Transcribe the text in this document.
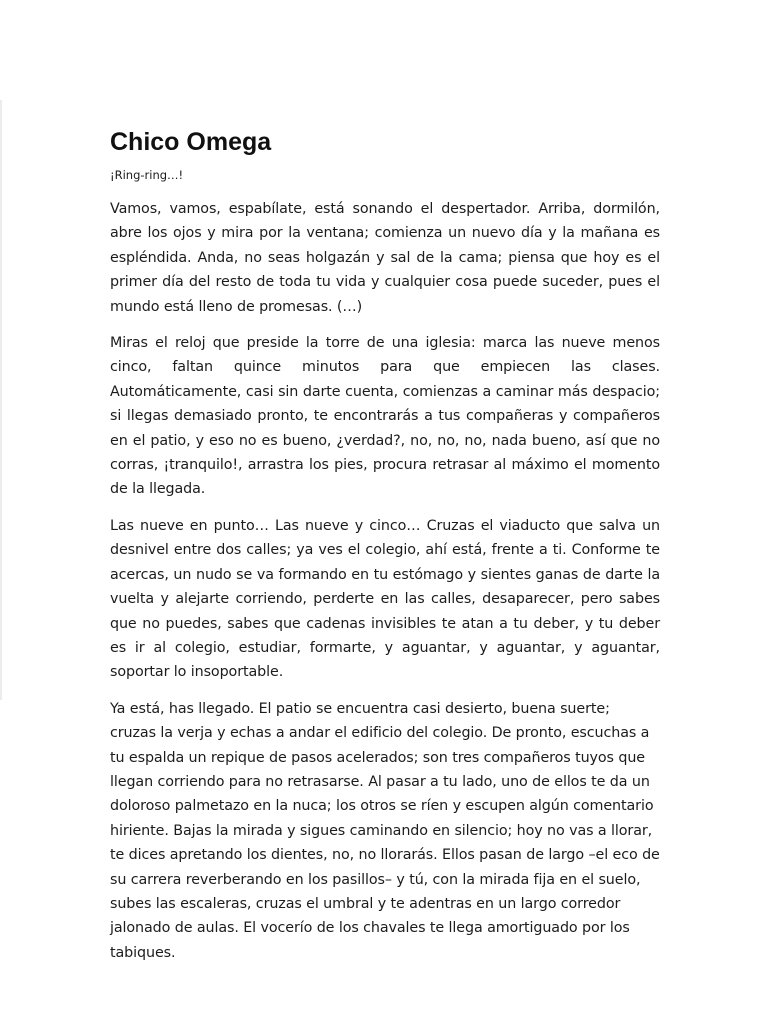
Chico Omega

¡Ring-ring…!

Vamos, vamos, espabílate, está sonando el despertador. Arriba, dormilón, abre los ojos y mira por la ventana; comienza un nuevo día y la mañana es espléndida. Anda, no seas holgazán y sal de la cama; piensa que hoy es el primer día del resto de toda tu vida y cualquier cosa puede suceder, pues el mundo está lleno de promesas. (…)

Miras el reloj que preside la torre de una iglesia: marca las nueve menos cinco, faltan quince minutos para que empiecen las clases. Automáticamente, casi sin darte cuenta, comienzas a caminar más despacio; si llegas demasiado pronto, te encontrarás a tus compañeras y compañeros en el patio, y eso no es bueno, ¿verdad?, no, no, no, nada bueno, así que no corras, ¡tranquilo!, arrastra los pies, procura retrasar al máximo el momento de la llegada.

Las nueve en punto… Las nueve y cinco… Cruzas el viaducto que salva un desnivel entre dos calles; ya ves el colegio, ahí está, frente a ti. Conforme te acercas, un nudo se va formando en tu estómago y sientes ganas de darte la vuelta y alejarte corriendo, perderte en las calles, desaparecer, pero sabes que no puedes, sabes que cadenas invisibles te atan a tu deber, y tu deber es ir al colegio, estudiar, formarte, y aguantar, y aguantar, y aguantar, soportar lo insoportable.

Ya está, has llegado. El patio se encuentra casi desierto, buena suerte; cruzas la verja y echas a andar el edificio del colegio. De pronto, escuchas a tu espalda un repique de pasos acelerados; son tres compañeros tuyos que llegan corriendo para no retrasarse. Al pasar a tu lado, uno de ellos te da un doloroso palmetazo en la nuca; los otros se ríen y escupen algún comentario hiriente. Bajas la mirada y sigues caminando en silencio; hoy no vas a llorar, te dices apretando los dientes, no, no llorarás. Ellos pasan de largo –el eco de su carrera reverberando en los pasillos– y tú, con la mirada fija en el suelo, subes las escaleras, cruzas el umbral y te adentras en un largo corredor jalonado de aulas. El vocerío de los chavales te llega amortiguado por los tabiques.
